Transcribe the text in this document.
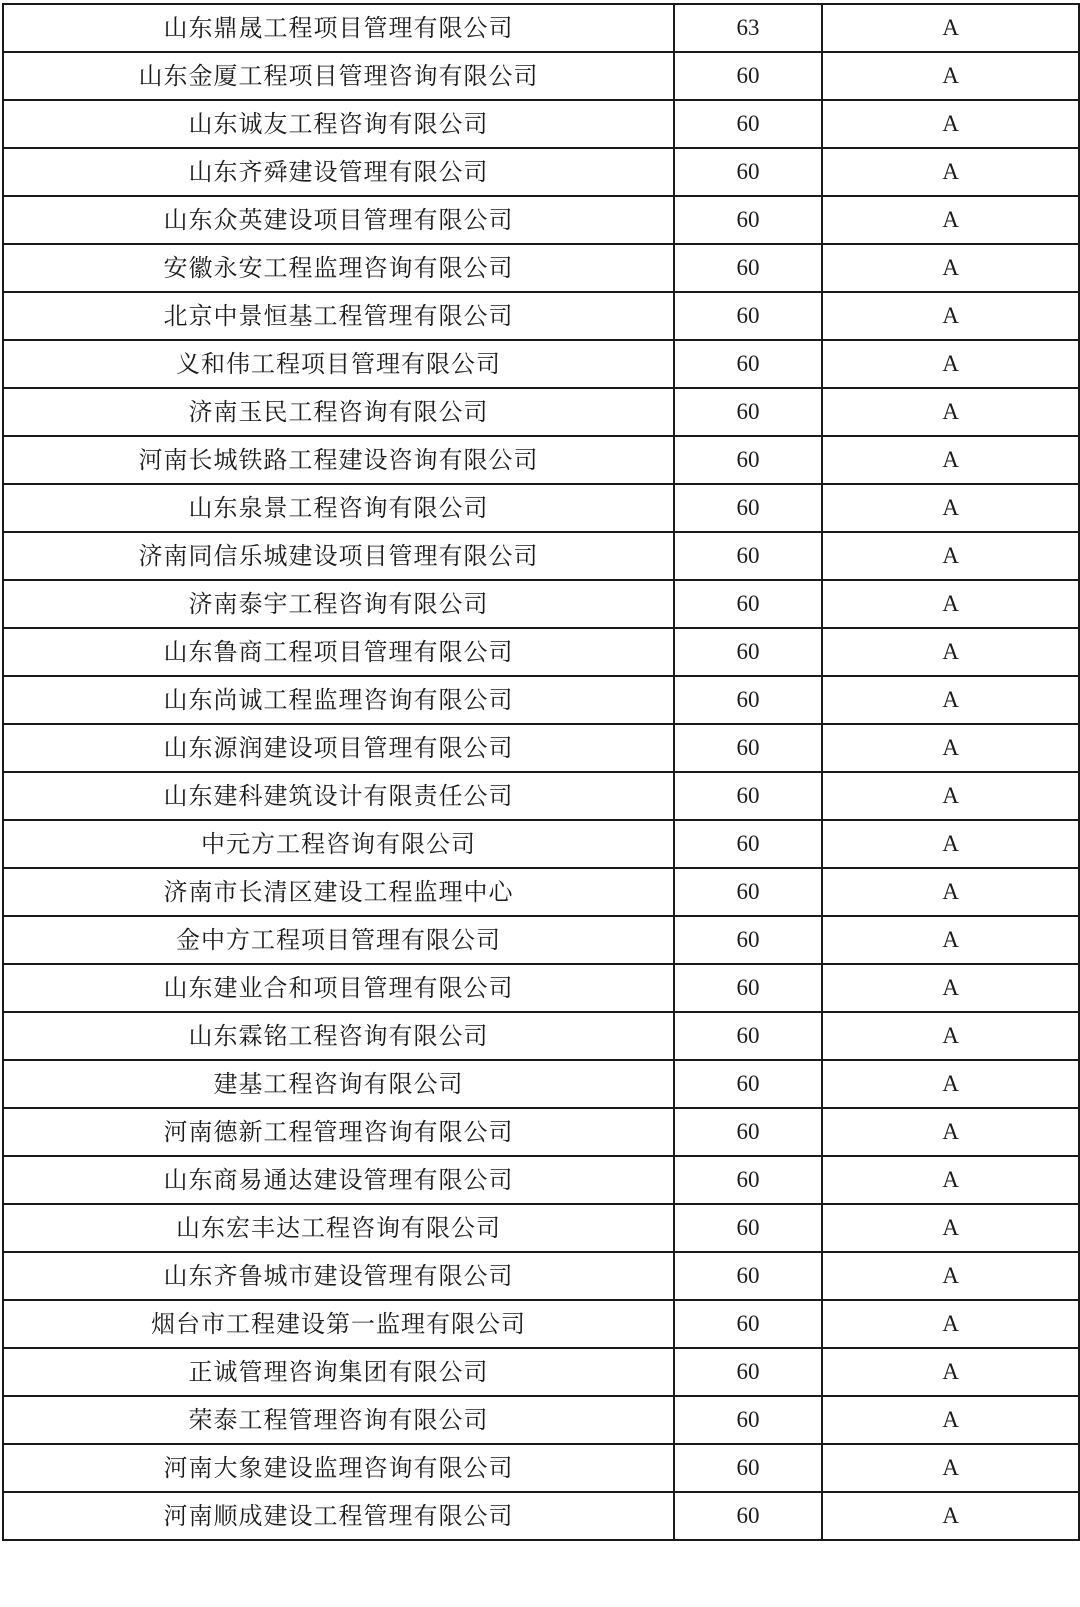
山东鼎晟工程项目管理有限公司	63	A
山东金厦工程项目管理咨询有限公司	60	A
山东诚友工程咨询有限公司	60	A
山东齐舜建设管理有限公司	60	A
山东众英建设项目管理有限公司	60	A
安徽永安工程监理咨询有限公司	60	A
北京中景恒基工程管理有限公司	60	A
义和伟工程项目管理有限公司	60	A
济南玉民工程咨询有限公司	60	A
河南长城铁路工程建设咨询有限公司	60	A
山东泉景工程咨询有限公司	60	A
济南同信乐城建设项目管理有限公司	60	A
济南泰宇工程咨询有限公司	60	A
山东鲁商工程项目管理有限公司	60	A
山东尚诚工程监理咨询有限公司	60	A
山东源润建设项目管理有限公司	60	A
山东建科建筑设计有限责任公司	60	A
中元方工程咨询有限公司	60	A
济南市长清区建设工程监理中心	60	A
金中方工程项目管理有限公司	60	A
山东建业合和项目管理有限公司	60	A
山东霖铭工程咨询有限公司	60	A
建基工程咨询有限公司	60	A
河南德新工程管理咨询有限公司	60	A
山东商易通达建设管理有限公司	60	A
山东宏丰达工程咨询有限公司	60	A
山东齐鲁城市建设管理有限公司	60	A
烟台市工程建设第一监理有限公司	60	A
正诚管理咨询集团有限公司	60	A
荣泰工程管理咨询有限公司	60	A
河南大象建设监理咨询有限公司	60	A
河南顺成建设工程管理有限公司	60	A
